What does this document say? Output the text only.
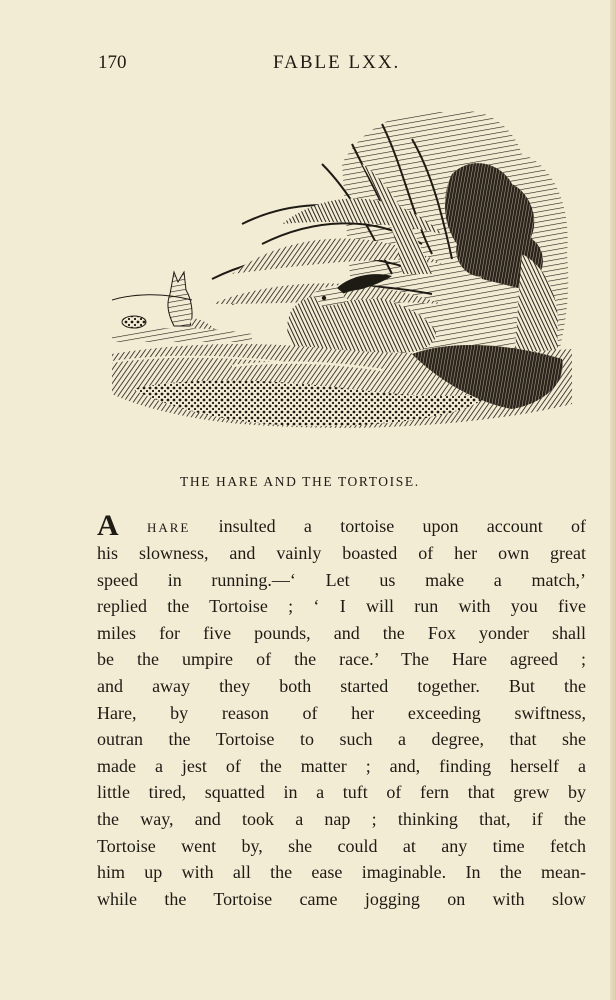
170	FABLE LXX.
THE HARE AND THE TORTOISE.
A hare insulted a tortoise upon account of
his slowness, and vainly boasted of her own great
speed in running.—‘ Let us make a match,’
replied the Tortoise ; ‘ I will run with you five
miles for five pounds, and the Fox yonder shall
be the umpire of the race.’ The Hare agreed ;
and away they both started together. But the
Hare, by reason of her exceeding swiftness,
outran the Tortoise to such a degree, that she
made a jest of the matter ; and, finding herself a
little tired, squatted in a tuft of fern that grew by
the way, and took a nap ; thinking that, if the
Tortoise went by, she could at any time fetch
him up with all the ease imaginable. In the mean-
while the Tortoise came jogging on with slow
